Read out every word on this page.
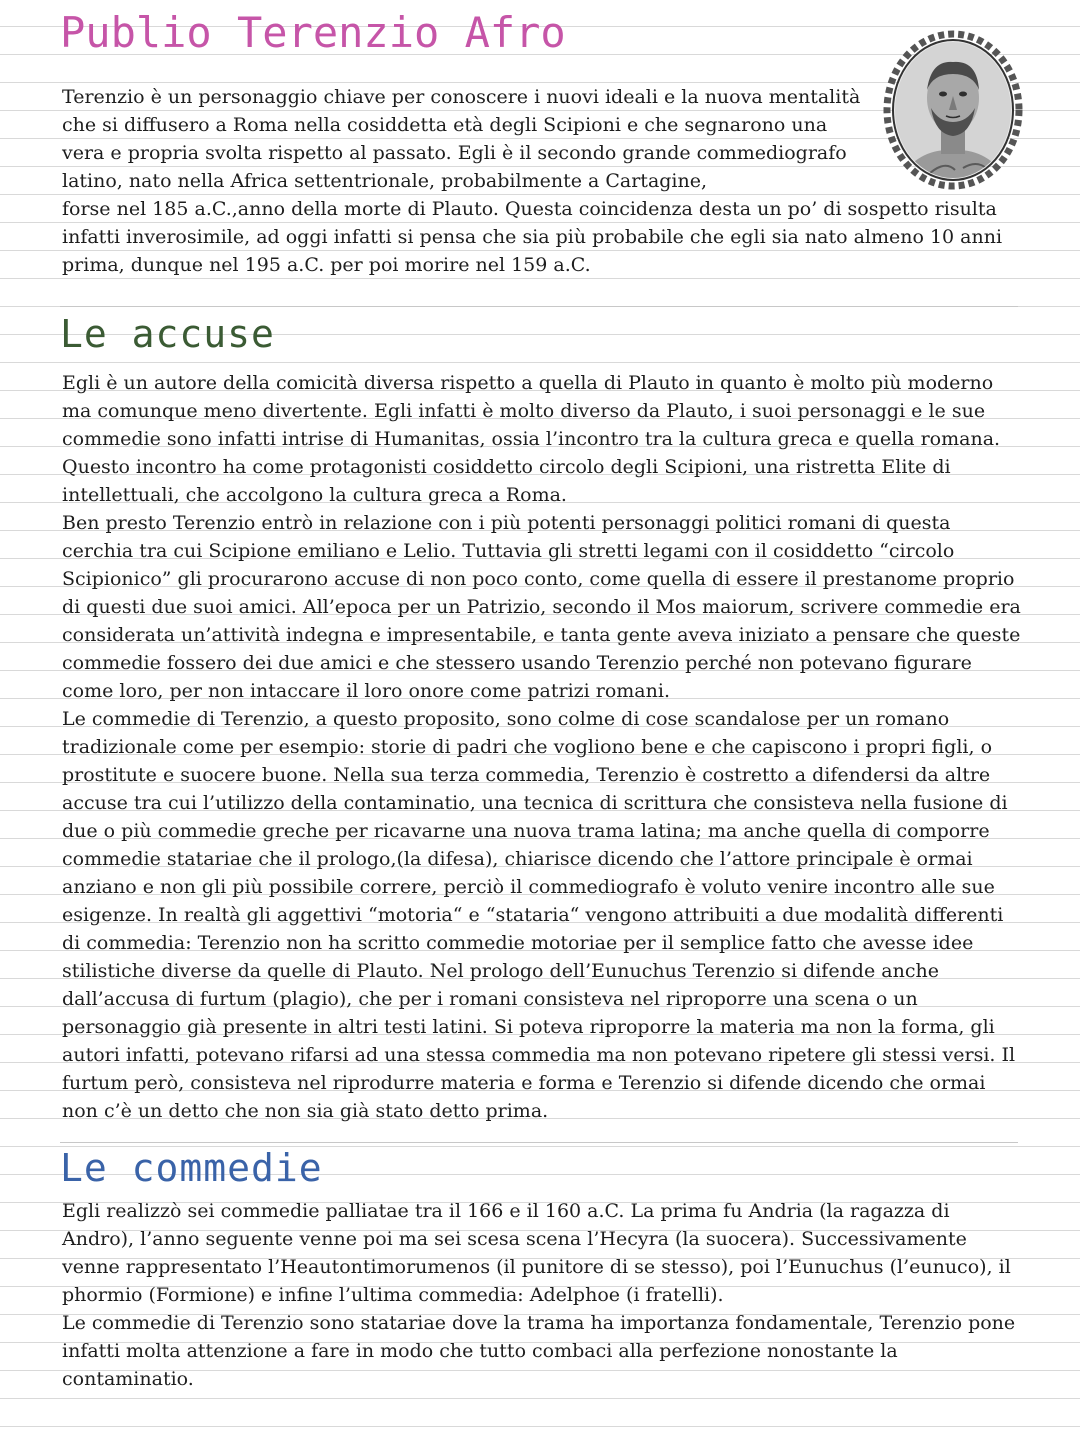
Publio Terenzio Afro

Terenzio è un personaggio chiave per conoscere i nuovi ideali e la nuova mentalità che si diffusero a Roma nella cosiddetta età degli Scipioni e che segnarono una vera e propria svolta rispetto al passato. Egli è il secondo grande commediografo latino, nato nella Africa settentrionale, probabilmente a Cartagine,

forse nel 185 a.C.,anno della morte di Plauto. Questa coincidenza desta un po’ di sospetto risulta infatti inverosimile, ad oggi infatti si pensa che sia più probabile che egli sia nato almeno 10 anni prima, dunque nel 195 a.C. per poi morire nel 159 a.C.

Le accuse

Egli è un autore della comicità diversa rispetto a quella di Plauto in quanto è molto più moderno ma comunque meno divertente. Egli infatti è molto diverso da Plauto, i suoi personaggi e le sue commedie sono infatti intrise di Humanitas, ossia l’incontro tra la cultura greca e quella romana. Questo incontro ha come protagonisti cosiddetto circolo degli Scipioni, una ristretta Elite di intellettuali, che accolgono la cultura greca a Roma.

Ben presto Terenzio entrò in relazione con i più potenti personaggi politici romani di questa cerchia tra cui Scipione emiliano e Lelio. Tuttavia gli stretti legami con il cosiddetto “circolo Scipionico” gli procurarono accuse di non poco conto, come quella di essere il prestanome proprio di questi due suoi amici. All’epoca per un Patrizio, secondo il Mos maiorum, scrivere commedie era considerata un’attività indegna e impresentabile, e tanta gente aveva iniziato a pensare che queste commedie fossero dei due amici e che stessero usando Terenzio perché non potevano figurare come loro, per non intaccare il loro onore come patrizi romani.

Le commedie di Terenzio, a questo proposito, sono colme di cose scandalose per un romano tradizionale come per esempio: storie di padri che vogliono bene e che capiscono i propri figli, o prostitute e suocere buone. Nella sua terza commedia, Terenzio è costretto a difendersi da altre accuse tra cui l’utilizzo della contaminatio, una tecnica di scrittura che consisteva nella fusione di due o più commedie greche per ricavarne una nuova trama latina; ma anche quella di comporre commedie statariae che il prologo,(la difesa), chiarisce dicendo che l’attore principale è ormai anziano e non gli più possibile correre, perciò il commediografo è voluto venire incontro alle sue esigenze. In realtà gli aggettivi “motoria“ e “stataria“ vengono attribuiti a due modalità differenti di commedia: Terenzio non ha scritto commedie motoriae per il semplice fatto che avesse idee stilistiche diverse da quelle di Plauto. Nel prologo dell’Eunuchus Terenzio si difende anche dall’accusa di furtum (plagio), che per i romani consisteva nel riproporre una scena o un personaggio già presente in altri testi latini. Si poteva riproporre la materia ma non la forma, gli autori infatti, potevano rifarsi ad una stessa commedia ma non potevano ripetere gli stessi versi. Il furtum però, consisteva nel riprodurre materia e forma e Terenzio si difende dicendo che ormai non c’è un detto che non sia già stato detto prima.

Le commedie

Egli realizzò sei commedie palliatae tra il 166 e il 160 a.C. La prima fu Andria (la ragazza di Andro), l’anno seguente venne poi ma sei scesa scena l’Hecyra (la suocera). Successivamente venne rappresentato l’Heautontimorumenos (il punitore di se stesso), poi l’Eunuchus (l’eunuco), il phormio (Formione) e infine l’ultima commedia: Adelphoe (i fratelli).

Le commedie di Terenzio sono statariae dove la trama ha importanza fondamentale, Terenzio pone infatti molta attenzione a fare in modo che tutto combaci alla perfezione nonostante la contaminatio.
